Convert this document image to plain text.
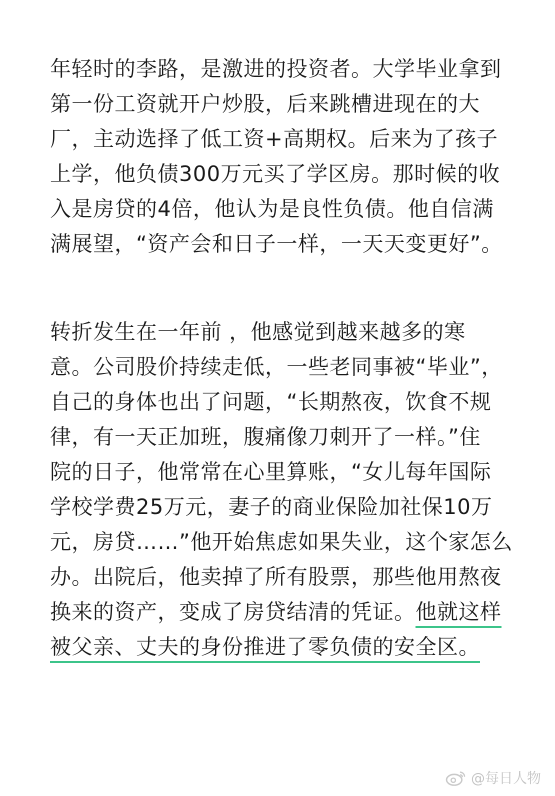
年轻时的李路，是激进的投资者。大学毕业拿到
第一份工资就开户炒股，后来跳槽进现在的大
厂，主动选择了低工资+高期权。后来为了孩子
上学，他负债300万元买了学区房。那时候的收
入是房贷的4倍，他认为是良性负债。他自信满
满展望，“资产会和日子一样，一天天变更好”。

转折发生在一年前 ，他感觉到越来越多的寒
意。公司股价持续走低，一些老同事被“毕业”，
自己的身体也出了问题，“长期熬夜，饮食不规
律，有一天正加班，腹痛像刀刺开了一样。”住
院的日子，他常常在心里算账，“女儿每年国际
学校学费25万元，妻子的商业保险加社保10万
元，房贷……”他开始焦虑如果失业，这个家怎么
办。出院后，他卖掉了所有股票，那些他用熬夜
换来的资产，变成了房贷结清的凭证。他就这样
被父亲、丈夫的身份推进了零负债的安全区。

@每日人物
